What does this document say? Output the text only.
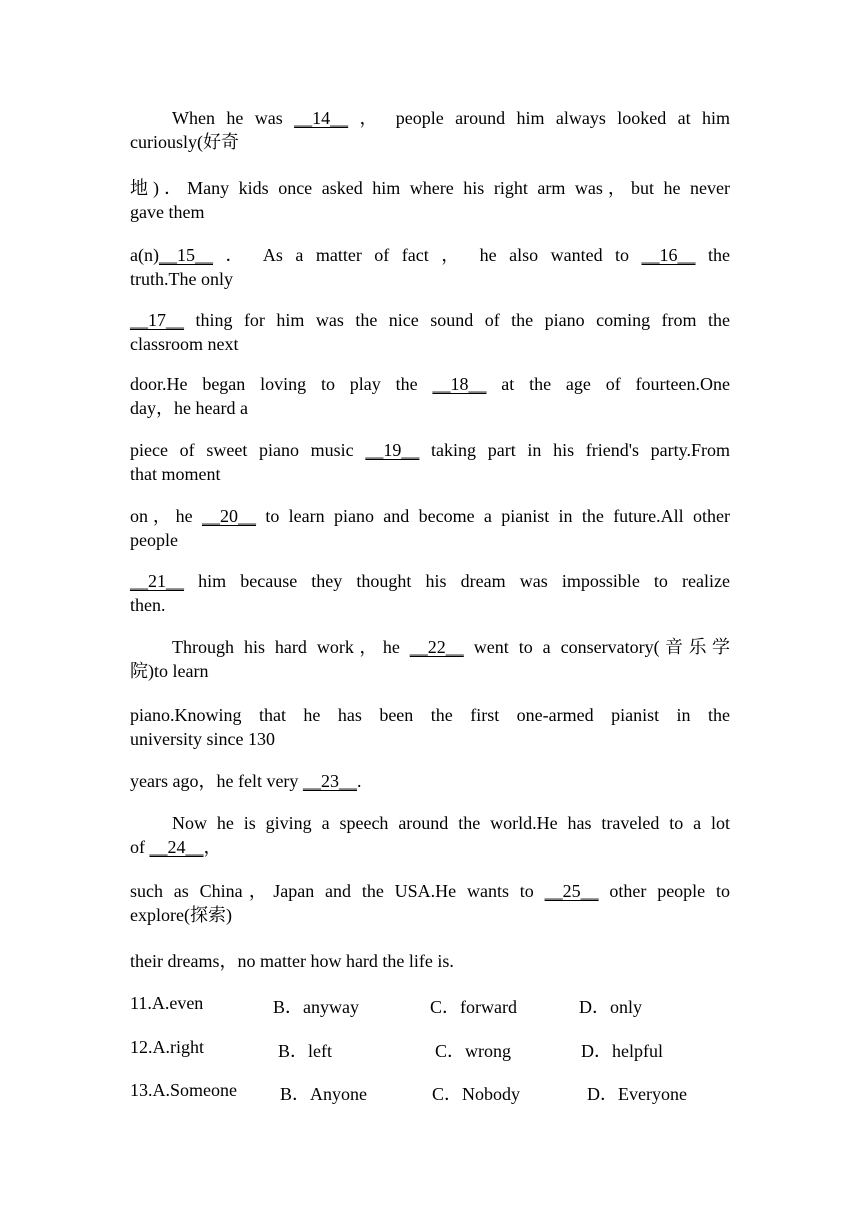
When he was __14__ ， people around him always looked at him
curiously(好奇
地)．Many kids once asked him where his right arm was，but he never
gave them
a(n)__15__ ． As a matter of fact ， he also wanted to __16__ the
truth.The only
__17__ thing for him was the nice sound of the piano coming from the
classroom next
door.He began loving to play the __18__ at the age of fourteen.One
day，he heard a
piece of sweet piano music __19__ taking part in his friend's party.From
that moment
on，he __20__ to learn piano and become a pianist in the future.All other
people
__21__ him because they thought his dream was impossible to realize
then.
Through his hard work，he __22__ went to a conservatory(音乐学
院)to learn
piano.Knowing that he has been the first one-armed pianist in the
university since 130
years ago，he felt very __23__.
Now he is giving a speech around the world.He has traveled to a lot
of __24__，
such as China，Japan and the USA.He wants to __25__ other people to
explore(探索)
their dreams，no matter how hard the life is.
11.A.even	B．anyway	C．forward	D．only
12.A.right	B．left	C．wrong	D．helpful
13.A.Someone B．Anyone	C．Nobody	D．Everyone
